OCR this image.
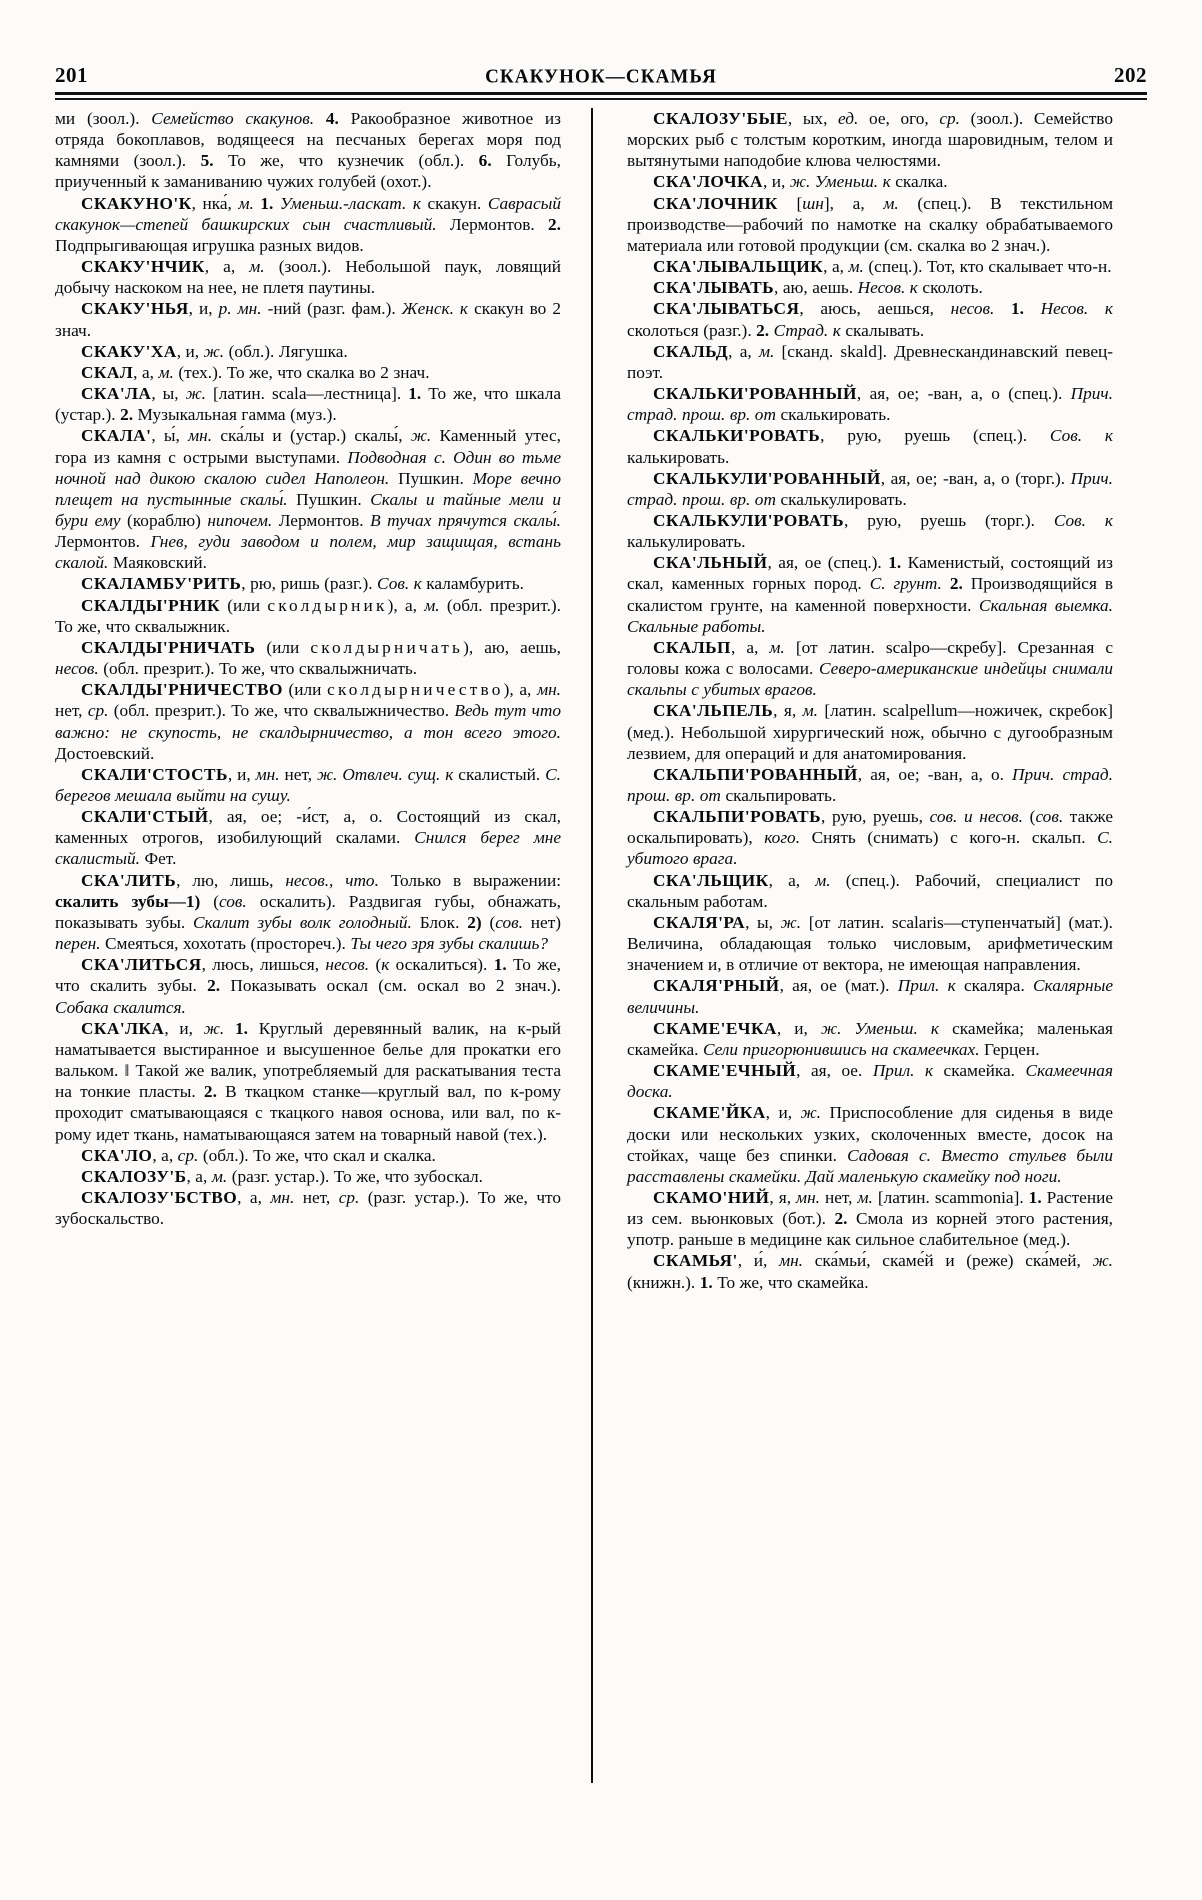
201	СКАКУНОК—СКАМЬЯ	202

ми (зоол.). Семейство скакунов. 4. Ракообразное животное из отряда бокоплавов, водящееся на песчаных берегах моря под камнями (зоол.). 5. То же, что кузнечик (обл.). 6. Голубь, приученный к заманиванию чужих голубей (охот.).

СКАКУНО'К, нка́, м. 1. Уменьш.-ласкат. к скакун. Саврасый скакунок—степей башкирских сын счастливый. Лермонтов. 2. Подпрыгивающая игрушка разных видов.

СКАКУ'НЧИК, а, м. (зоол.). Небольшой паук, ловящий добычу наскоком на нее, не плетя паутины.

СКАКУ'НЬЯ, и, р. мн. -ний (разг. фам.). Женск. к скакун во 2 знач.

СКАКУ'ХА, и, ж. (обл.). Лягушка.

СКАЛ, а, м. (тех.). То же, что скалка во 2 знач.

СКА'ЛА, ы, ж. [латин. scala—лестница]. 1. То же, что шкала (устар.). 2. Музыкальная гамма (муз.).

СКАЛА', ы́, мн. ска́лы и (устар.) скалы́, ж. Каменный утес, гора из камня с острыми выступами. Подводная с. Один во тьме ночной над дикою скалою сидел Наполеон. Пушкин. Море вечно плещет на пустынные скалы́. Пушкин. Скалы и тайные мели и бури ему (кораблю) нипочем. Лермонтов. В тучах прячутся скалы́. Лермонтов. Гнев, гуди заводом и полем, мир защищая, встань скалой. Маяковский.

СКАЛАМБУ'РИТЬ, рю, ришь (разг.). Сов. к каламбурить.

СКАЛДЫ'РНИК (или сколдырник), а, м. (обл. презрит.). То же, что сквалыжник.

СКАЛДЫ'РНИЧАТЬ (или сколдырничать), аю, аешь, несов. (обл. презрит.). То же, что сквалыжничать.

СКАЛДЫ'РНИЧЕСТВО (или сколдырничество), а, мн. нет, ср. (обл. презрит.). То же, что сквалыжничество. Ведь тут что важно: не скупость, не скалдырничество, а тон всего этого. Достоевский.

СКАЛИ'СТОСТЬ, и, мн. нет, ж. Отвлеч. сущ. к скалистый. С. берегов мешала выйти на сушу.

СКАЛИ'СТЫЙ, ая, ое; -и́ст, а, о. Состоящий из скал, каменных отрогов, изобилующий скалами. Снился берег мне скалистый. Фет.

СКА'ЛИТЬ, лю, лишь, несов., что. Только в выражении: скалить зубы—1) (сов. оскалить). Раздвигая губы, обнажать, показывать зубы. Скалит зубы волк голодный. Блок. 2) (сов. нет) перен. Смеяться, хохотать (простореч.). Ты чего зря зубы скалишь?

СКА'ЛИТЬСЯ, люсь, лишься, несов. (к оскалиться). 1. То же, что скалить зубы. 2. Показывать оскал (см. оскал во 2 знач.). Собака скалится.

СКА'ЛКА, и, ж. 1. Круглый деревянный валик, на к-рый наматывается выстиранное и высушенное белье для прокатки его вальком. ‖ Такой же валик, употребляемый для раскатывания теста на тонкие пласты. 2. В ткацком станке—круглый вал, по к-рому проходит сматывающаяся с ткацкого навоя основа, или вал, по к-рому идет ткань, наматывающаяся затем на товарный навой (тех.).

СКА'ЛО, а, ср. (обл.). То же, что скал и скалка.

СКАЛОЗУ'Б, а, м. (разг. устар.). То же, что зубоскал.

СКАЛОЗУ'БСТВО, а, мн. нет, ср. (разг. устар.). То же, что зубоскальство.

СКАЛОЗУ'БЫЕ, ых, ед. ое, ого, ср. (зоол.). Семейство морских рыб с толстым коротким, иногда шаровидным, телом и вытянутыми наподобие клюва челюстями.

СКА'ЛОЧКА, и, ж. Уменьш. к скалка.

СКА'ЛОЧНИК [шн], а, м. (спец.). В текстильном производстве—рабочий по намотке на скалку обрабатываемого материала или готовой продукции (см. скалка во 2 знач.).

СКА'ЛЫВАЛЬЩИК, а, м. (спец.). Тот, кто скалывает что-н.

СКА'ЛЫВАТЬ, аю, аешь. Несов. к сколоть.

СКА'ЛЫВАТЬСЯ, аюсь, аешься, несов. 1. Несов. к сколоться (разг.). 2. Страд. к скалывать.

СКАЛЬД, а, м. [сканд. skald]. Древнескандинавский певец-поэт.

СКАЛЬКИ'РОВАННЫЙ, ая, ое; -ван, а, о (спец.). Прич. страд. прош. вр. от скалькировать.

СКАЛЬКИ'РОВАТЬ, рую, руешь (спец.). Сов. к калькировать.

СКАЛЬКУЛИ'РОВАННЫЙ, ая, ое; -ван, а, о (торг.). Прич. страд. прош. вр. от скалькулировать.

СКАЛЬКУЛИ'РОВАТЬ, рую, руешь (торг.). Сов. к калькулировать.

СКА'ЛЬНЫЙ, ая, ое (спец.). 1. Каменистый, состоящий из скал, каменных горных пород. С. грунт. 2. Производящийся в скалистом грунте, на каменной поверхности. Скальная выемка. Скальные работы.

СКАЛЬП, а, м. [от латин. scalpo—скребу]. Срезанная с головы кожа с волосами. Северо-американские индейцы снимали скальпы с убитых врагов.

СКА'ЛЬПЕЛЬ, я, м. [латин. scalpellum—ножичек, скребок] (мед.). Небольшой хирургический нож, обычно с дугообразным лезвием, для операций и для анатомирования.

СКАЛЬПИ'РОВАННЫЙ, ая, ое; -ван, а, о. Прич. страд. прош. вр. от скальпировать.

СКАЛЬПИ'РОВАТЬ, рую, руешь, сов. и несов. (сов. также оскальпировать), кого. Снять (снимать) с кого-н. скальп. С. убитого врага.

СКА'ЛЬЩИК, а, м. (спец.). Рабочий, специалист по скальным работам.

СКАЛЯ'РА, ы, ж. [от латин. scalaris—ступенчатый] (мат.). Величина, обладающая только числовым, арифметическим значением и, в отличие от вектора, не имеющая направления.

СКАЛЯ'РНЫЙ, ая, ое (мат.). Прил. к скаляра. Скалярные величины.

СКАМЕ'ЕЧКА, и, ж. Уменьш. к скамейка; маленькая скамейка. Сели пригорюнившись на скамеечках. Герцен.

СКАМЕ'ЕЧНЫЙ, ая, ое. Прил. к скамейка. Скамеечная доска.

СКАМЕ'ЙКА, и, ж. Приспособление для сиденья в виде доски или нескольких узких, сколоченных вместе, досок на стойках, чаще без спинки. Садовая с. Вместо стульев были расставлены скамейки. Дай маленькую скамейку под ноги.

СКАМО'НИЙ, я, мн. нет, м. [латин. scammonia]. 1. Растение из сем. вьюнковых (бот.). 2. Смола из корней этого растения, употр. раньше в медицине как сильное слабительное (мед.).

СКАМЬЯ', и́, мн. ска́мьи́, скаме́й и (реже) ска́мей, ж. (книжн.). 1. То же, что скамейка.
